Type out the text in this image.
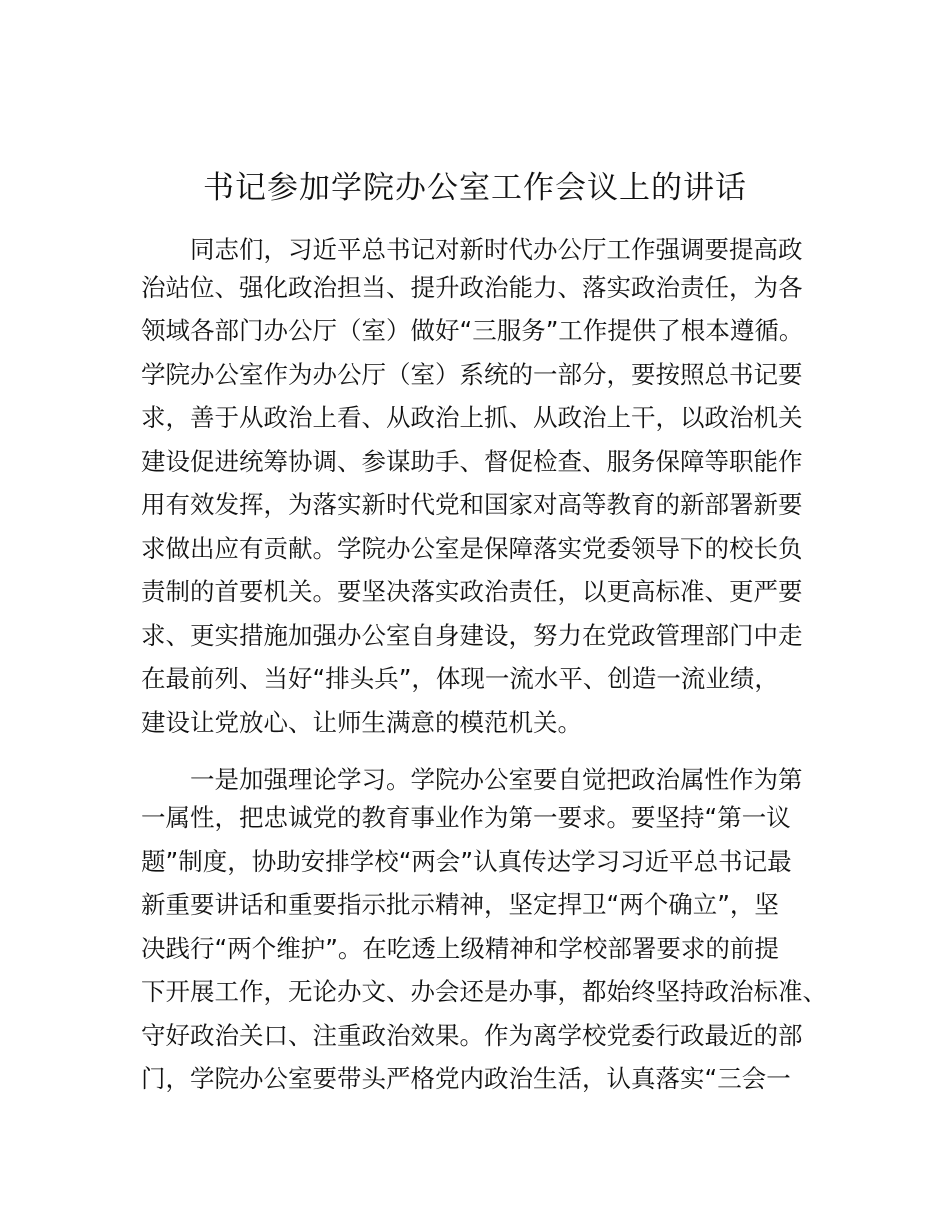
书记参加学院办公室工作会议上的讲话

同志们，习近平总书记对新时代办公厅工作强调要提高政

治站位、强化政治担当、提升政治能力、落实政治责任，为各

领域各部门办公厅（室）做好“三服务”工作提供了根本遵循。

学院办公室作为办公厅（室）系统的一部分，要按照总书记要

求，善于从政治上看、从政治上抓、从政治上干，以政治机关

建设促进统筹协调、参谋助手、督促检查、服务保障等职能作

用有效发挥，为落实新时代党和国家对高等教育的新部署新要

求做出应有贡献。学院办公室是保障落实党委领导下的校长负

责制的首要机关。要坚决落实政治责任，以更高标准、更严要

求、更实措施加强办公室自身建设，努力在党政管理部门中走

在最前列、当好“排头兵”，体现一流水平、创造一流业绩，

建设让党放心、让师生满意的模范机关。

一是加强理论学习。学院办公室要自觉把政治属性作为第

一属性，把忠诚党的教育事业作为第一要求。要坚持“第一议

题”制度，协助安排学校“两会”认真传达学习习近平总书记最

新重要讲话和重要指示批示精神，坚定捍卫“两个确立”，坚

决践行“两个维护”。在吃透上级精神和学校部署要求的前提

下开展工作，无论办文、办会还是办事，都始终坚持政治标准、

守好政治关口、注重政治效果。作为离学校党委行政最近的部

门，学院办公室要带头严格党内政治生活，认真落实“三会一
